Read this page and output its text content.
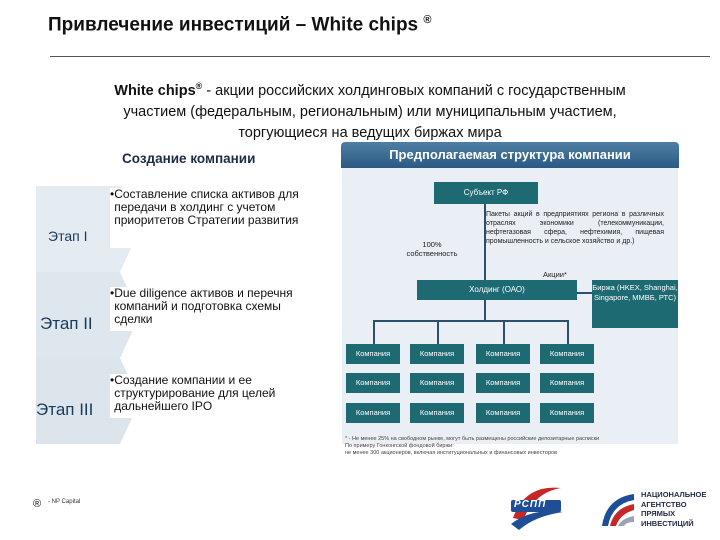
Привлечение инвестиций – White chips ®
White chips® - акции российских холдинговых компаний с государственным
участием (федеральным, региональным) или муниципальным участием,
торгующиеся на ведущих биржах мира
Создание компании
Этап I
• Составление списка активов для передачи в холдинг с учетом приоритетов Стратегии развития
Этап II
• Due diligence активов и перечня компаний и подготовка схемы сделки
Этап III
• Создание компании и ее структурирование для целей дальнейшего IPO
Предполагаемая структура компании
Субъект РФ
100% собственность
Пакеты акций в предприятиях региона в различных отраслях экономики (телекоммуникации, нефтегазовая сфера, нефтехимия, пищевая промышленность и сельское хозяйство и др.)
Акции*
Холдинг (ОАО)	Биржа (HKEX, Shanghai, Singapore, ММВБ, РТС)
Компания	Компания	Компания	Компания
Компания	Компания	Компания	Компания
Компания	Компания	Компания	Компания
* - Не менее 25% на свободном рынке, могут быть размещены российские депозитарные расписки
По примеру Гонконгской фондовой биржи:
не менее 300 акционеров, включая институциональных и финансовых инвесторов
® - NP Capital	РСПП
НАЦИОНАЛЬНОЕ
АГЕНТСТВО
ПРЯМЫХ
ИНВЕСТИЦИЙ
